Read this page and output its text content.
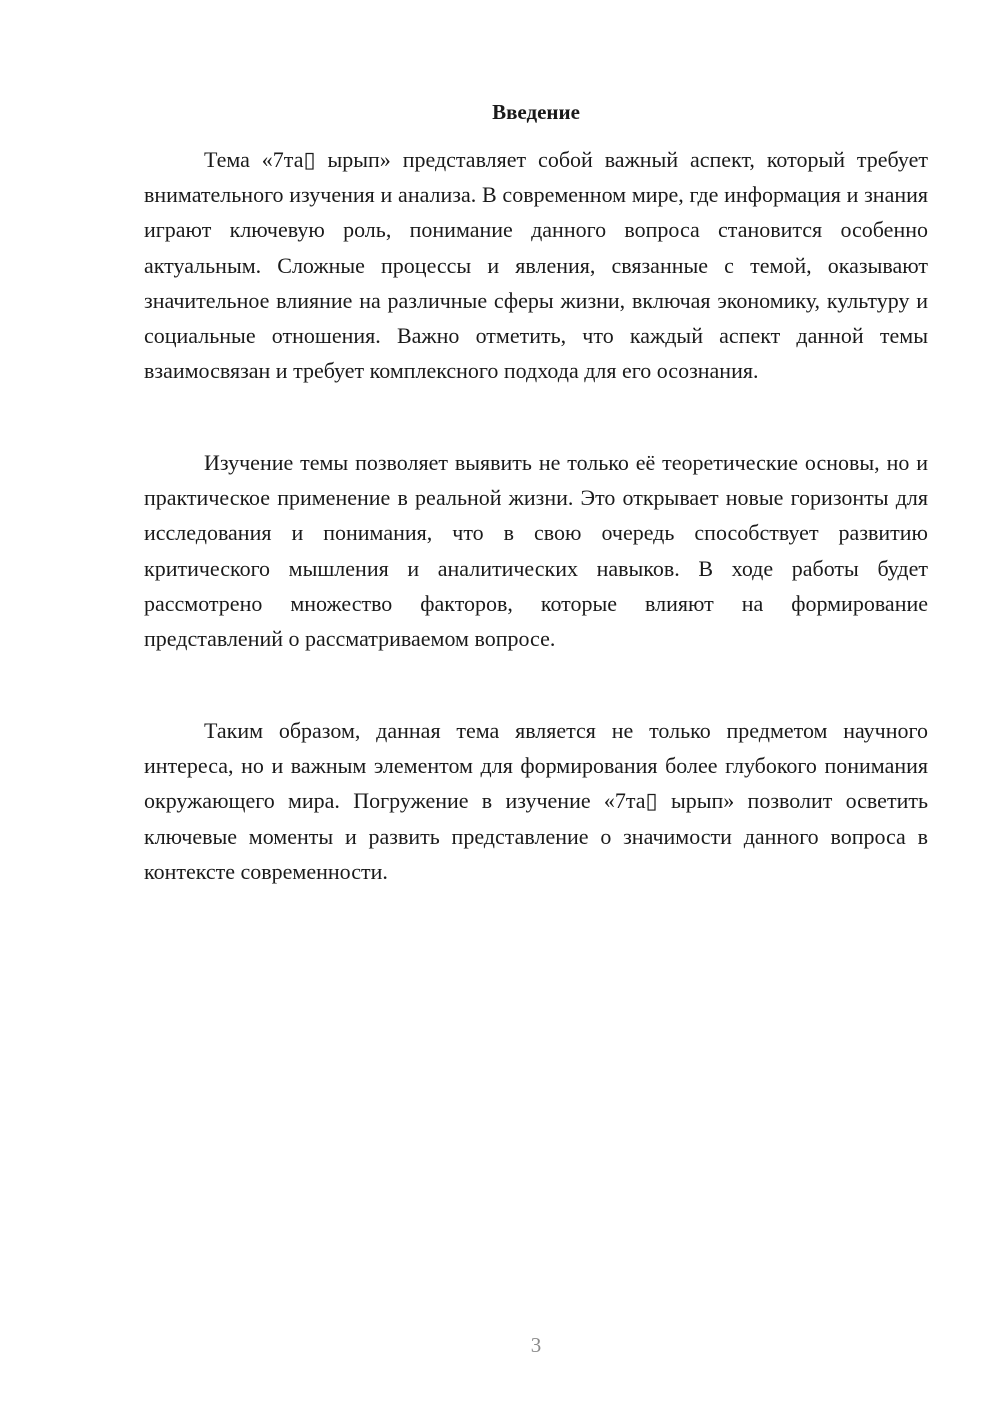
Введение

Тема «7та▯ ырып» представляет собой важный аспект, который требует внимательного изучения и анализа. В современном мире, где информация и знания играют ключевую роль, понимание данного вопроса становится особенно актуальным. Сложные процессы и явления, связанные с темой, оказывают значительное влияние на различные сферы жизни, включая экономику, культуру и социальные отношения. Важно отметить, что каждый аспект данной темы взаимосвязан и требует комплексного подхода для его осознания.

Изучение темы позволяет выявить не только её теоретические основы, но и практическое применение в реальной жизни. Это открывает новые горизонты для исследования и понимания, что в свою очередь способствует развитию критического мышления и аналитических навыков. В ходе работы будет рассмотрено множество факторов, которые влияют на формирование представлений о рассматриваемом вопросе.

Таким образом, данная тема является не только предметом научного интереса, но и важным элементом для формирования более глубокого понимания окружающего мира. Погружение в изучение «7та▯ ырып» позволит осветить ключевые моменты и развить представление о значимости данного вопроса в контексте современности.

3
